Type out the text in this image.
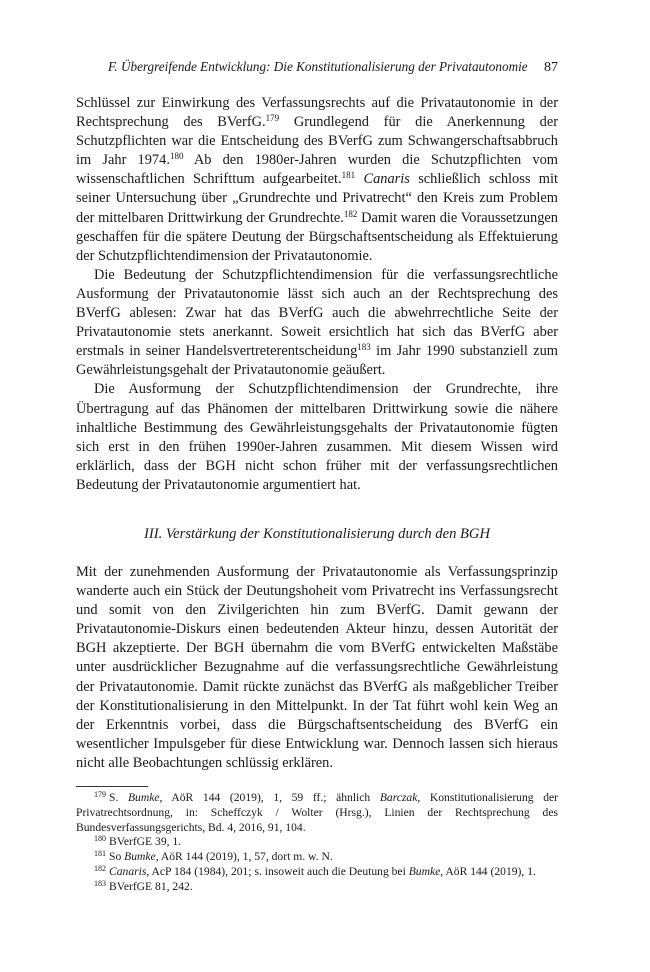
F. Übergreifende Entwicklung: Die Konstitutionalisierung der Privatautonomie 87

Schlüssel zur Einwirkung des Verfassungsrechts auf die Privatautonomie in der Rechtsprechung des BVerfG.$^{179}$ Grundlegend für die Anerkennung der Schutzpflichten war die Entscheidung des BVerfG zum Schwangerschaftsabbruch im Jahr 1974.$^{180}$ Ab den 1980er-Jahren wurden die Schutzpflichten vom wissenschaftlichen Schrifttum aufgearbeitet.$^{181}$ Canaris schließlich schloss mit seiner Untersuchung über „Grundrechte und Privatrecht“ den Kreis zum Problem der mittelbaren Drittwirkung der Grundrechte.$^{182}$ Damit waren die Voraussetzungen geschaffen für die spätere Deutung der Bürgschaftsentscheidung als Effektuierung der Schutzpflichtendimension der Privatautonomie.

Die Bedeutung der Schutzpflichtendimension für die verfassungsrechtliche Ausformung der Privatautonomie lässt sich auch an der Rechtsprechung des BVerfG ablesen: Zwar hat das BVerfG auch die abwehrrechtliche Seite der Privatautonomie stets anerkannt. Soweit ersichtlich hat sich das BVerfG aber erstmals in seiner Handelsvertreterentscheidung$^{183}$ im Jahr 1990 substanziell zum Gewährleistungsgehalt der Privatautonomie geäußert.

Die Ausformung der Schutzpflichtendimension der Grundrechte, ihre Übertragung auf das Phänomen der mittelbaren Drittwirkung sowie die nähere inhaltliche Bestimmung des Gewährleistungsgehalts der Privatautonomie fügten sich erst in den frühen 1990er-Jahren zusammen. Mit diesem Wissen wird erklärlich, dass der BGH nicht schon früher mit der verfassungsrechtlichen Bedeutung der Privatautonomie argumentiert hat.

III. Verstärkung der Konstitutionalisierung durch den BGH

Mit der zunehmenden Ausformung der Privatautonomie als Verfassungsprinzip wanderte auch ein Stück der Deutungshoheit vom Privatrecht ins Verfassungsrecht und somit von den Zivilgerichten hin zum BVerfG. Damit gewann der Privatautonomie-Diskurs einen bedeutenden Akteur hinzu, dessen Autorität der BGH akzeptierte. Der BGH übernahm die vom BVerfG entwickelten Maßstäbe unter ausdrücklicher Bezugnahme auf die verfassungsrechtliche Gewährleistung der Privatautonomie. Damit rückte zunächst das BVerfG als maßgeblicher Treiber der Konstitutionalisierung in den Mittelpunkt. In der Tat führt wohl kein Weg an der Erkenntnis vorbei, dass die Bürgschaftsentscheidung des BVerfG ein wesentlicher Impulsgeber für diese Entwicklung war. Dennoch lassen sich hieraus nicht alle Beobachtungen schlüssig erklären.

$^{179}$ S. Bumke, AöR 144 (2019), 1, 59 ff.; ähnlich Barczak, Konstitutionalisierung der Privatrechtsordnung, in: Scheffczyk / Wolter (Hrsg.), Linien der Rechtsprechung des Bundesverfassungsgerichts, Bd. 4, 2016, 91, 104.

$^{180}$ BVerfGE 39, 1.

$^{181}$ So Bumke, AöR 144 (2019), 1, 57, dort m. w. N.

$^{182}$ Canaris, AcP 184 (1984), 201; s. insoweit auch die Deutung bei Bumke, AöR 144 (2019), 1.

$^{183}$ BVerfGE 81, 242.
